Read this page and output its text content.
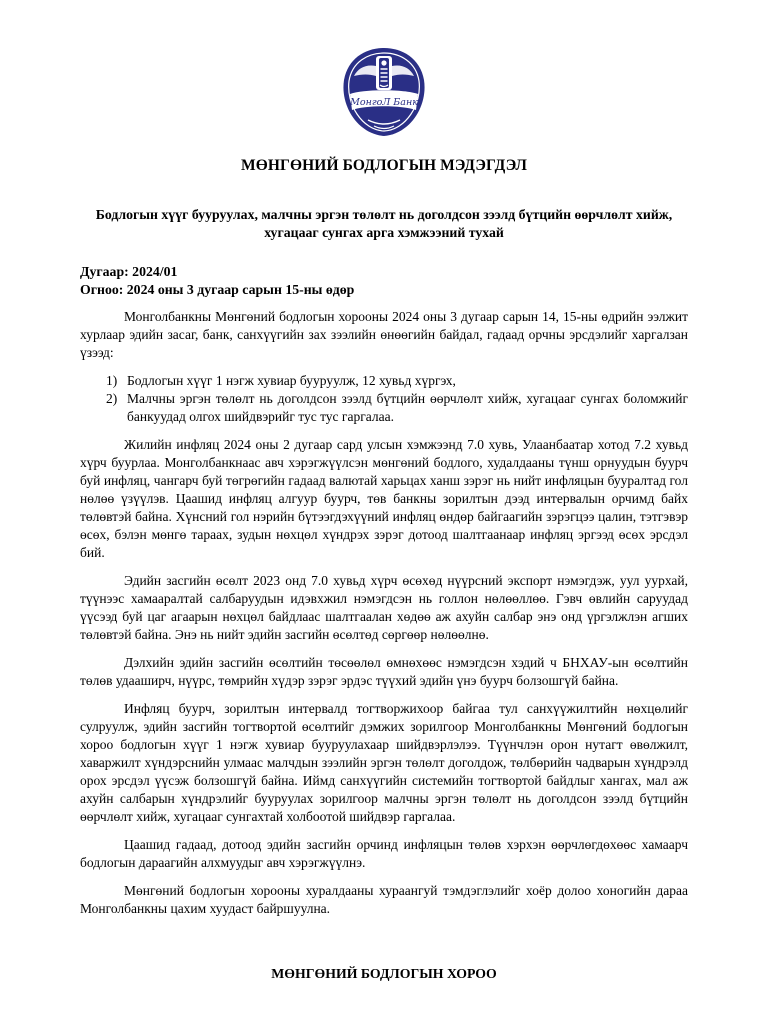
МонгоЛ Банк
МӨНГӨНИЙ БОДЛОГЫН МЭДЭГДЭЛ
Бодлогын хүүг бууруулах, малчны эргэн төлөлт нь доголдсон зээлд бүтцийн өөрчлөлт хийж,
хугацааг сунгах арга хэмжээний тухай
Дугаар: 2024/01
Огноо: 2024 оны 3 дугаар сарын 15-ны өдөр

Монголбанкны Мөнгөний бодлогын хорооны 2024 оны 3 дугаар сарын 14, 15-ны өдрийн ээлжит хурлаар эдийн засаг, банк, санхүүгийн зах зээлийн өнөөгийн байдал, гадаад орчны эрсдэлийг харгалзан үзээд:

1) Бодлогын хүүг 1 нэгж хувиар бууруулж, 12 хувьд хүргэх,
2) Малчны эргэн төлөлт нь доголдсон зээлд бүтцийн өөрчлөлт хийж, хугацааг сунгах боломжийг банкуудад олгох шийдвэрийг тус тус гаргалаа.

Жилийн инфляц 2024 оны 2 дугаар сард улсын хэмжээнд 7.0 хувь, Улаанбаатар хотод 7.2 хувьд хүрч буурлаа. Монголбанкнаас авч хэрэгжүүлсэн мөнгөний бодлого, худалдааны түнш орнуудын буурч буй инфляц, чангарч буй төгрөгийн гадаад валютай харьцах ханш зэрэг нь нийт инфляцын бууралтад гол нөлөө үзүүлэв. Цаашид инфляц алгуур буурч, төв банкны зорилтын дээд интервалын орчимд байх төлөвтэй байна. Хүнсний гол нэрийн бүтээгдэхүүний инфляц өндөр байгаагийн зэрэгцээ цалин, тэтгэвэр өсөх, бэлэн мөнгө тараах, зудын нөхцөл хүндрэх зэрэг дотоод шалтгаанаар инфляц эргээд өсөх эрсдэл бий.

Эдийн засгийн өсөлт 2023 онд 7.0 хувьд хүрч өсөхөд нүүрсний экспорт нэмэгдэж, уул уурхай, түүнээс хамааралтай салбаруудын идэвхжил нэмэгдсэн нь голлон нөлөөллөө. Гэвч өвлийн саруудад үүсээд буй цаг агаарын нөхцөл байдлаас шалтгаалан хөдөө аж ахуйн салбар энэ онд үргэлжлэн агших төлөвтэй байна. Энэ нь нийт эдийн засгийн өсөлтөд сөргөөр нөлөөлнө.

Дэлхийн эдийн засгийн өсөлтийн төсөөлөл өмнөхөөс нэмэгдсэн хэдий ч БНХАУ-ын өсөлтийн төлөв удааширч, нүүрс, төмрийн хүдэр зэрэг эрдэс түүхий эдийн үнэ буурч болзошгүй байна.

Инфляц буурч, зорилтын интервалд тогтворжихоор байгаа тул санхүүжилтийн нөхцөлийг сулруулж, эдийн засгийн тогтвортой өсөлтийг дэмжих зорилгоор Монголбанкны Мөнгөний бодлогын хороо бодлогын хүүг 1 нэгж хувиар бууруулахаар шийдвэрлэлээ. Түүнчлэн орон нутагт өвөлжилт, хаваржилт хүндэрснийн улмаас малчдын зээлийн эргэн төлөлт доголдож, төлбөрийн чадварын хүндрэлд орох эрсдэл үүсэж болзошгүй байна. Иймд санхүүгийн системийн тогтвортой байдлыг хангах, мал аж ахуйн салбарын хүндрэлийг бууруулах зорилгоор малчны эргэн төлөлт нь доголдсон зээлд бүтцийн өөрчлөлт хийж, хугацааг сунгахтай холбоотой шийдвэр гаргалаа.

Цаашид гадаад, дотоод эдийн засгийн орчинд инфляцын төлөв хэрхэн өөрчлөгдөхөөс хамаарч бодлогын дараагийн алхмуудыг авч хэрэгжүүлнэ.

Мөнгөний бодлогын хорооны хуралдааны хураангуй тэмдэглэлийг хоёр долоо хоногийн дараа Монголбанкны цахим хуудаст байршуулна.

МӨНГӨНИЙ БОДЛОГЫН ХОРОО
